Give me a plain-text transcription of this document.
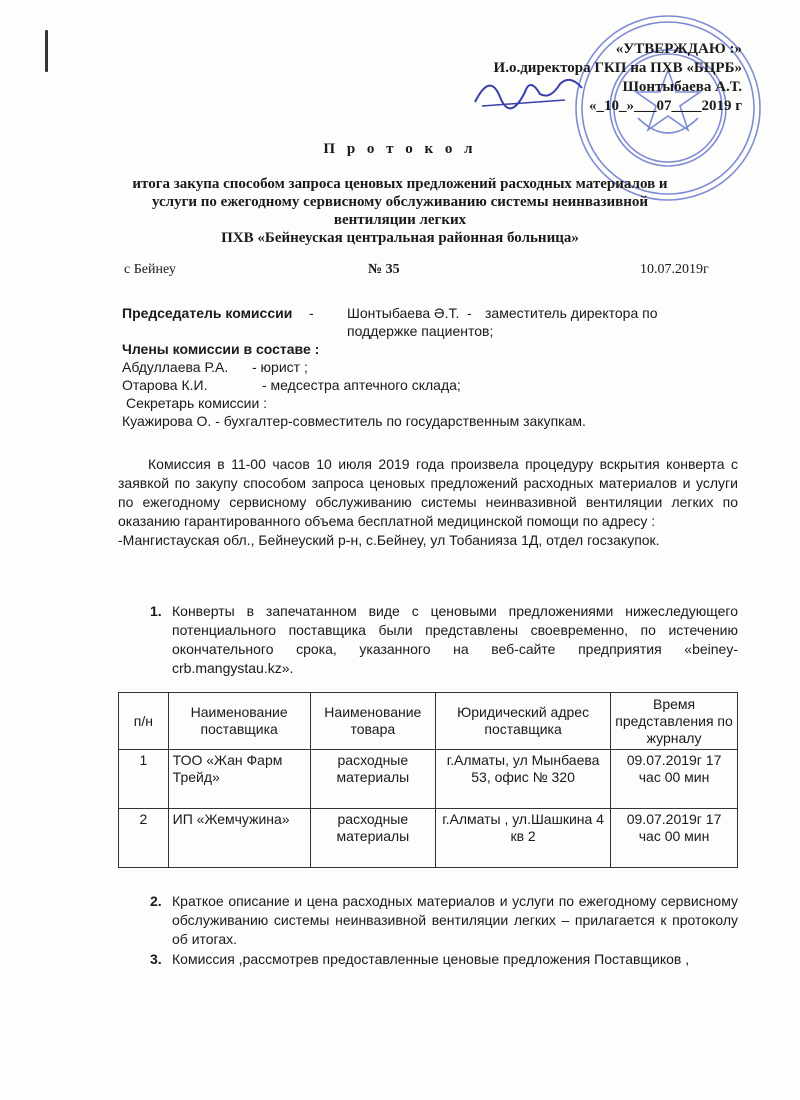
«УТВЕРЖДАЮ :»
И.о.директора ГКП на ПХВ «БЦРБ»
Шонтыбаева А.Т.
«_10_»___07____2019 г
П р о т о к о л
итога закупа способом запроса ценовых предложений расходных материалов и
услуги по ежегодному сервисному обслуживанию системы неинвазивной
вентиляции легких
ПХВ «Бейнеуская центральная районная больница»
с Бейнеу	№ 35	10.07.2019г
Председатель комиссии - Шонтыбаева Ә.Т. - заместитель директора по
поддержке пациентов;
Члены комиссии в составе :
Абдуллаева Р.А. - юрист ;
Отарова К.И.	- медсестра аптечного склада;
Секретарь комиссии :
Куажирова О. - бухгалтер-совместитель по государственным закупкам.

Комиссия в 11-00 часов 10 июля 2019 года произвела процедуру вскрытия конверта с заявкой по закупу способом запроса ценовых предложений расходных материалов и услуги по ежегодному сервисному обслуживанию системы неинвазивной вентиляции легких по оказанию гарантированного объема бесплатной медицинской помощи по адресу :

-Мангистауская обл., Бейнеуский р-н, с.Бейнеу, ул Тобанияза 1Д, отдел госзакупок.

1. Конверты в запечатанном виде с ценовыми предложениями нижеследующего потенциального поставщика были представлены своевременно, по истечению окончательного срока, указанного на веб-сайте предприятия «beiney-crb.mangystau.kz».
п/н	Наименование поставщика	Наименование товара	Юридический адрес поставщика	Время представления по журналу
1	ТОО «Жан Фарм Трейд»	расходные материалы	г.Алматы, ул Мынбаева 53, офис № 320	09.07.2019г 17 час 00 мин
2	ИП «Жемчужина»	расходные материалы	г.Алматы , ул.Шашкина 4 кв 2	09.07.2019г 17 час 00 мин
2. Краткое описание и цена расходных материалов и услуги по ежегодному сервисному обслуживанию системы неинвазивной вентиляции легких – прилагается к протоколу об итогах.
3. Комиссия ,рассмотрев предоставленные ценовые предложения Поставщиков ,
